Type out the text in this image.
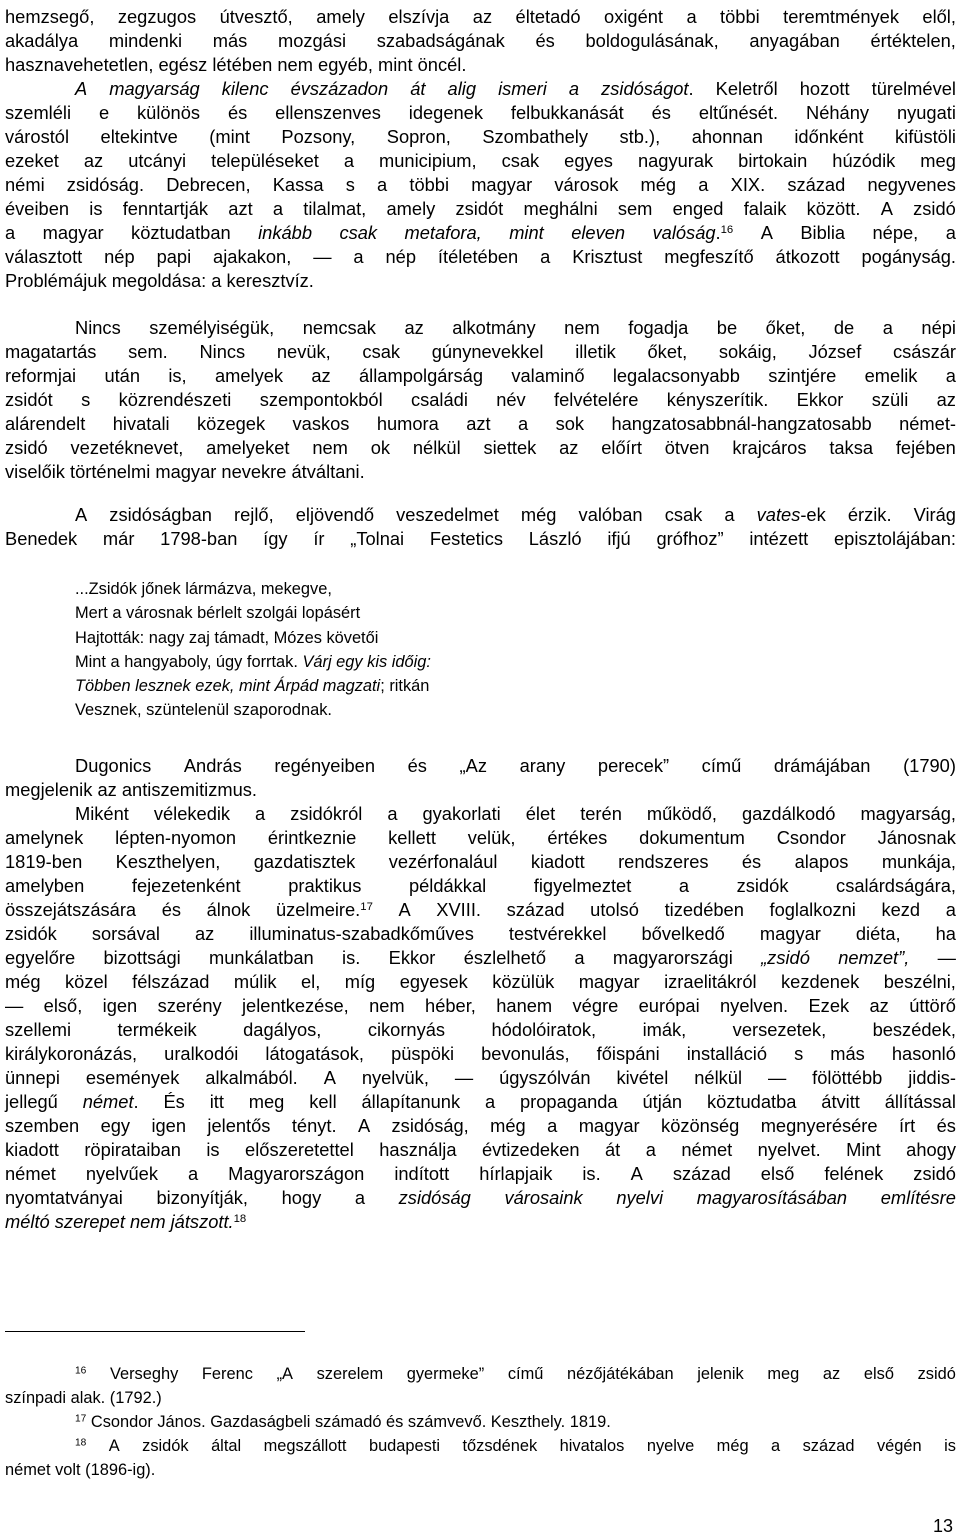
hemzsegő, zegzugos útvesztő, amely elszívja az éltetadó oxigént a többi teremtmények elől,
akadálya mindenki más mozgási szabadságának és boldogulásának, anyagában értéktelen,
hasznavehetetlen, egész létében nem egyéb, mint öncél.
A magyarság kilenc évszázadon át alig ismeri a zsidóságot. Keletről hozott türelmével
szemléli e különös és ellenszenves idegenek felbukkanását és eltűnését. Néhány nyugati
várostól eltekintve (mint Pozsony, Sopron, Szombathely stb.), ahonnan időnként kifüstöli
ezeket az utcányi településeket a municipium, csak egyes nagyurak birtokain húzódik meg
némi zsidóság. Debrecen, Kassa s a többi magyar városok még a XIX. század negyvenes
éveiben is fenntartják azt a tilalmat, amely zsidót meghálni sem enged falaik között. A zsidó
a magyar köztudatban inkább csak metafora, mint eleven valóság.$^{16}$ A Biblia népe, a
választott nép papi ajakakon, — a nép ítéletében a Krisztust megfeszítő átkozott pogányság.
Problémájuk megoldása: a keresztvíz.
Nincs személyiségük, nemcsak az alkotmány nem fogadja be őket, de a népi
magatartás sem. Nincs nevük, csak gúnynevekkel illetik őket, sokáig, József császár
reformjai után is, amelyek az állampolgárság valaminő legalacsonyabb szintjére emelik a
zsidót s közrendészeti szempontokból családi név felvételére kényszerítik. Ekkor szüli az
alárendelt hivatali közegek vaskos humora azt a sok hangzatosabbnál-hangzatosabb német-
zsidó vezetéknevet, amelyeket nem ok nélkül siettek az előírt ötven krajcáros taksa fejében
viselőik történelmi magyar nevekre átváltani.
A zsidóságban rejlő, eljövendő veszedelmet még valóban csak a vates-ek érzik. Virág
Benedek már 1798-ban így ír „Tolnai Festetics László ifjú grófhoz” intézett episztolájában:
...Zsidók jőnek lármázva, mekegve,
Mert a városnak bérlelt szolgái lopásért
Hajtották: nagy zaj támadt, Mózes követői
Mint a hangyaboly, úgy forrtak. Várj egy kis időig:
Többen lesznek ezek, mint Árpád magzati; ritkán
Vesznek, szüntelenül szaporodnak.
Dugonics András regényeiben és „Az arany perecek” című drámájában (1790)
megjelenik az antiszemitizmus.
Miként vélekedik a zsidókról a gyakorlati élet terén működő, gazdálkodó magyarság,
amelynek lépten-nyomon érintkeznie kellett velük, értékes dokumentum Csondor Jánosnak
1819-ben Keszthelyen, gazdatisztek vezérfonalául kiadott rendszeres és alapos munkája,
amelyben	fejezetenként	praktikus	példákkal	figyelmeztet	a	zsidók	csalárdságára,
összejátszására és álnok üzelmeire.$^{17}$ A XVIII. század utolsó tizedében foglalkozni kezd a
zsidók sorsával az illuminatus-szabadkőműves testvérekkel bővelkedő magyar diéta, ha
egyelőre bizottsági munkálatban is. Ekkor észlelhető a magyarországi „zsidó nemzet”, —
még közel félszázad múlik el, míg egyesek közülük magyar izraelitákról kezdenek beszélni,
— első, igen szerény jelentkezése, nem héber, hanem végre európai nyelven. Ezek az úttörő
szellemi	termékeik	dagályos,	cikornyás	hódolóiratok,	imák,	versezetek,	beszédek,
királykoronázás, uralkodói látogatások, püspöki bevonulás, főispáni installáció s más hasonló
ünnepi események alkalmából. A nyelvük, — úgyszólván kivétel nélkül — fölöttébb jiddis-
jellegű német. És itt meg kell állapítanunk a propaganda útján köztudatba átvitt állítással
szemben egy igen jelentős tényt. A zsidóság, még a magyar közönség megnyerésére írt és
kiadott röpirataiban is előszeretettel használja évtizedeken át a német nyelvet. Mint ahogy
német nyelvűek a Magyarországon indított hírlapjaik is. A század első felének zsidó
nyomtatványai bizonyítják, hogy a zsidóság városaink nyelvi magyarosításában említésre
méltó szerepet nem játszott.$^{18}$
$^{16}$ Verseghy Ferenc „A szerelem gyermeke” című nézőjátékában jelenik meg az első zsidó
színpadi alak. (1792.)
$^{17}$ Csondor János. Gazdaságbeli számadó és számvevő. Keszthely. 1819.
$^{18}$ A zsidók által megszállott budapesti tőzsdének hivatalos nyelve még a század végén is
német volt (1896-ig).
13
